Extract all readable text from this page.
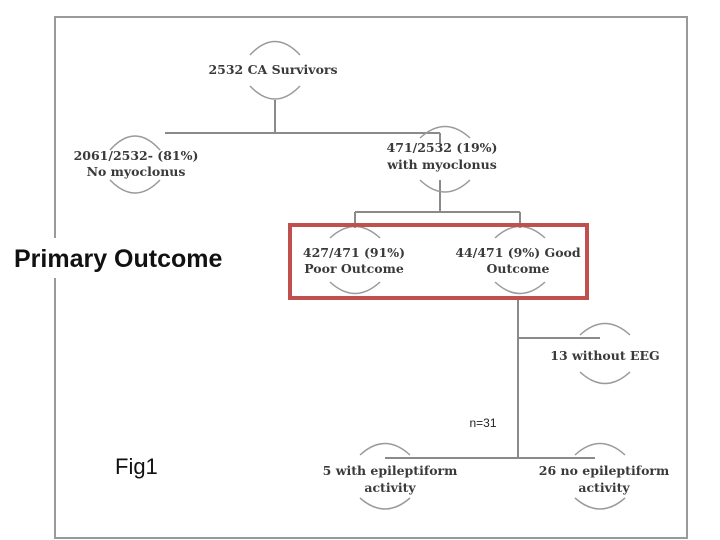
2532 CA Survivors
2061/2532- (81%)
No myoclonus
471/2532 (19%)
with myoclonus
427/471 (91%)
Poor Outcome
44/471 (9%) Good
Outcome
13 without EEG
n=31
5 with epileptiform
activity
26 no epileptiform
activity
Primary Outcome
Fig1
